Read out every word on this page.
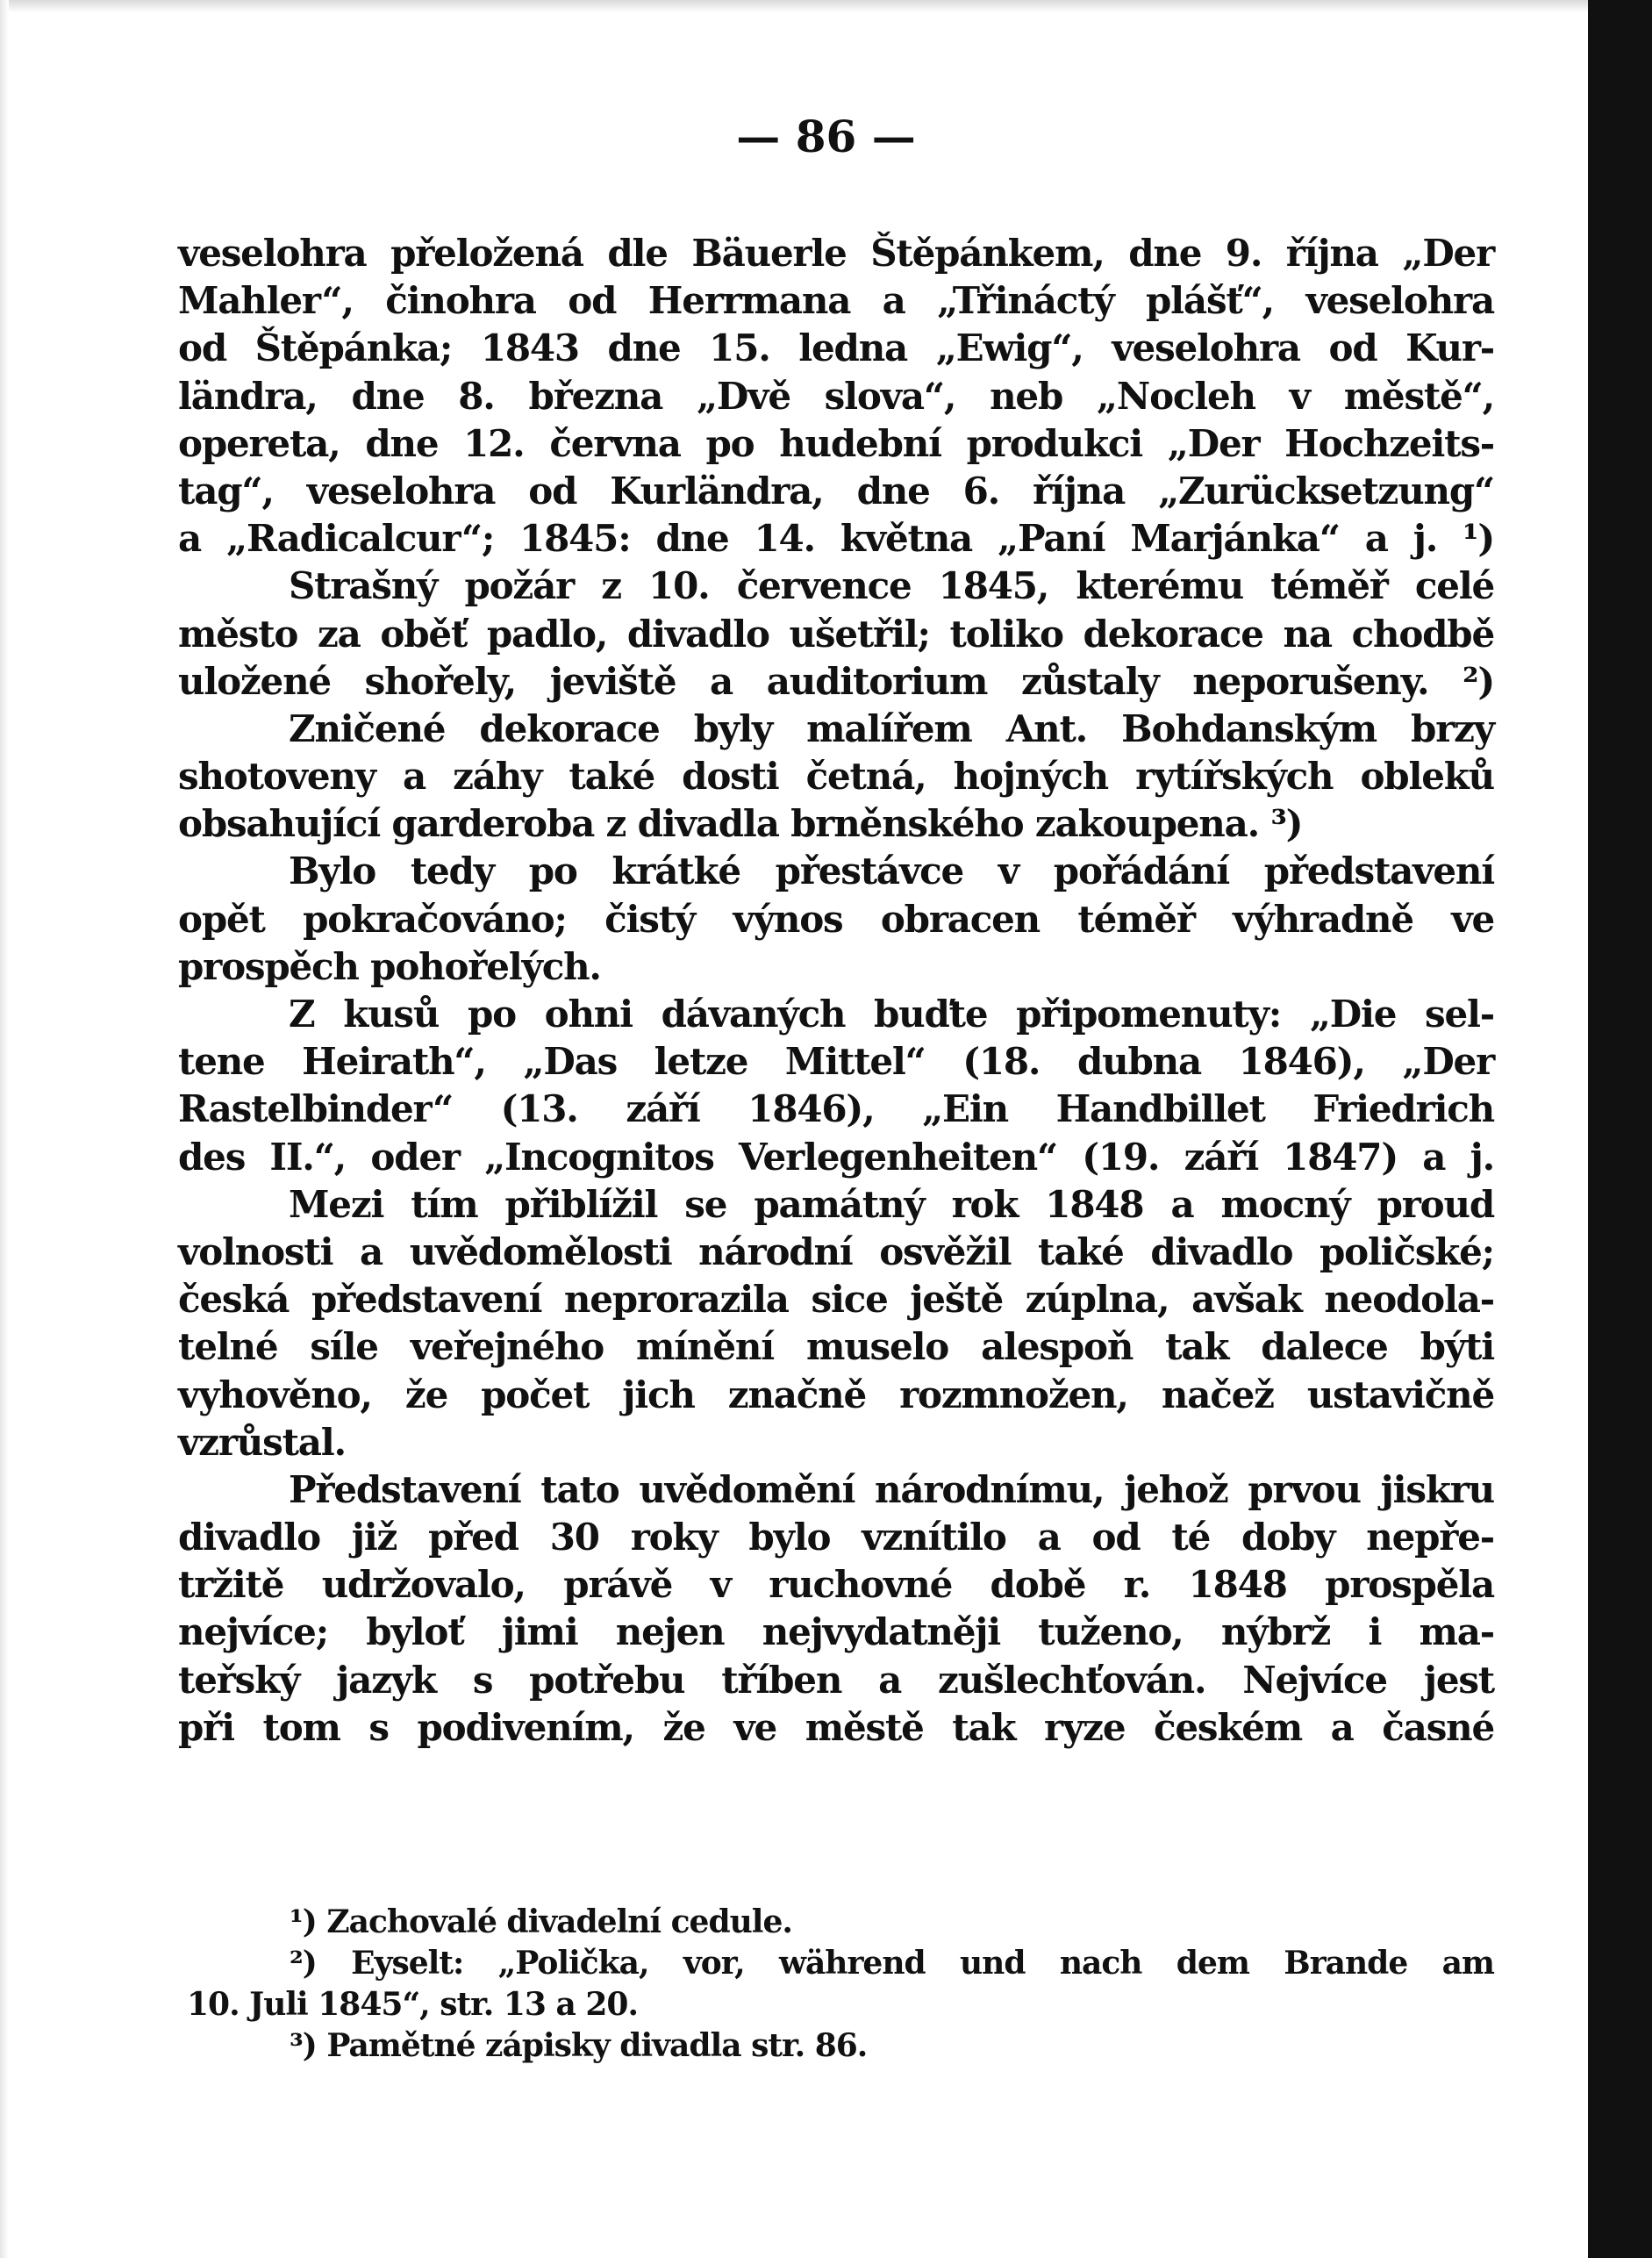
— 86 —
veselohra přeložená dle Bäuerle Štěpánkem, dne 9. října „Der
Mahler“, činohra od Herrmana a „Třináctý plášť“, veselohra
od Štěpánka; 1843 dne 15. ledna „Ewig“, veselohra od Kur-
ländra, dne 8. března „Dvě slova“, neb „Nocleh v městě“,
opereta, dne 12. června po hudební produkci „Der Hochzeits-
tag“, veselohra od Kurländra, dne 6. října „Zurücksetzung“
a „Radicalcur“; 1845: dne 14. května „Paní Marjánka“ a j. ¹)
Strašný požár z 10. července 1845, kterému téměř celé
město za oběť padlo, divadlo ušetřil; toliko dekorace na chodbě
uložené shořely, jeviště a auditorium zůstaly neporušeny. ²)
Zničené dekorace byly malířem Ant. Bohdanským brzy
shotoveny a záhy také dosti četná, hojných rytířských obleků
obsahující garderoba z divadla brněnského zakoupena. ³)
Bylo tedy po krátké přestávce v pořádání představení
opět pokračováno; čistý výnos obracen téměř výhradně ve
prospěch pohořelých.
Z kusů po ohni dávaných buďte připomenuty: „Die sel-
tene Heirath“, „Das letze Mittel“ (18. dubna 1846), „Der
Rastelbinder“ (13. září 1846), „Ein Handbillet Friedrich
des II.“, oder „Incognitos Verlegenheiten“ (19. září 1847) a j.
Mezi tím přiblížil se památný rok 1848 a mocný proud
volnosti a uvědomělosti národní osvěžil také divadlo poličské;
česká představení neprorazila sice ještě zúplna, avšak neodola-
telné síle veřejného mínění muselo alespoň tak dalece býti
vyhověno, že počet jich značně rozmnožen, načež ustavičně
vzrůstal.
Představení tato uvědomění národnímu, jehož prvou jiskru
divadlo již před 30 roky bylo vznítilo a od té doby nepře-
tržitě udržovalo, právě v ruchovné době r. 1848 prospěla
nejvíce; byloť jimi nejen nejvydatněji tuženo, nýbrž i ma-
teřský jazyk s potřebu tříben a zušlechťován. Nejvíce jest
při tom s podivením, že ve městě tak ryze českém a časné
¹) Zachovalé divadelní cedule.
²) Eyselt: „Polička, vor, während und nach dem Brande am
10. Juli 1845“, str. 13 a 20.
³) Pamětné zápisky divadla str. 86.
